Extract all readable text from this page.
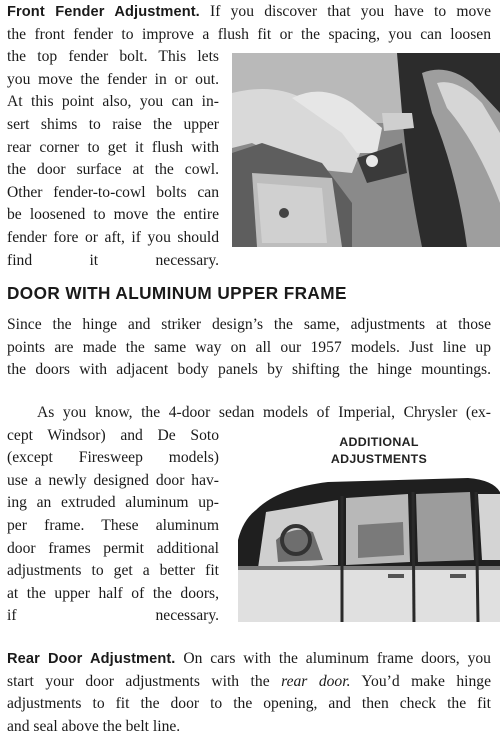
Front Fender Adjustment. If you discover that you have to move
the front fender to improve a flush fit or the spacing, you can loosen
the top fender bolt. This lets
you move the fender in or out.
At this point also, you can in-
sert shims to raise the upper
rear corner to get it flush with
the door surface at the cowl.
Other fender-to-cowl bolts can
be loosened to move the entire
fender fore or aft, if you should
find it necessary.
DOOR WITH ALUMINUM UPPER FRAME
Since the hinge and striker design’s the same, adjustments at those
points are made the same way on all our 1957 models. Just line up
the doors with adjacent body panels by shifting the hinge mountings.
As you know, the 4-door sedan models of Imperial, Chrysler (ex-
cept Windsor) and De Soto
(except Firesweep models)
use a newly designed door hav-
ing an extruded aluminum up-
per frame. These aluminum
door frames permit additional
adjustments to get a better fit
at the upper half of the doors,
if necessary.
ADDITIONAL ADJUSTMENTS
Rear Door Adjustment. On cars with the aluminum frame doors, you
start your door adjustments with the rear door. You’d make hinge
adjustments to fit the door to the opening, and then check the fit
and seal above the belt line.
